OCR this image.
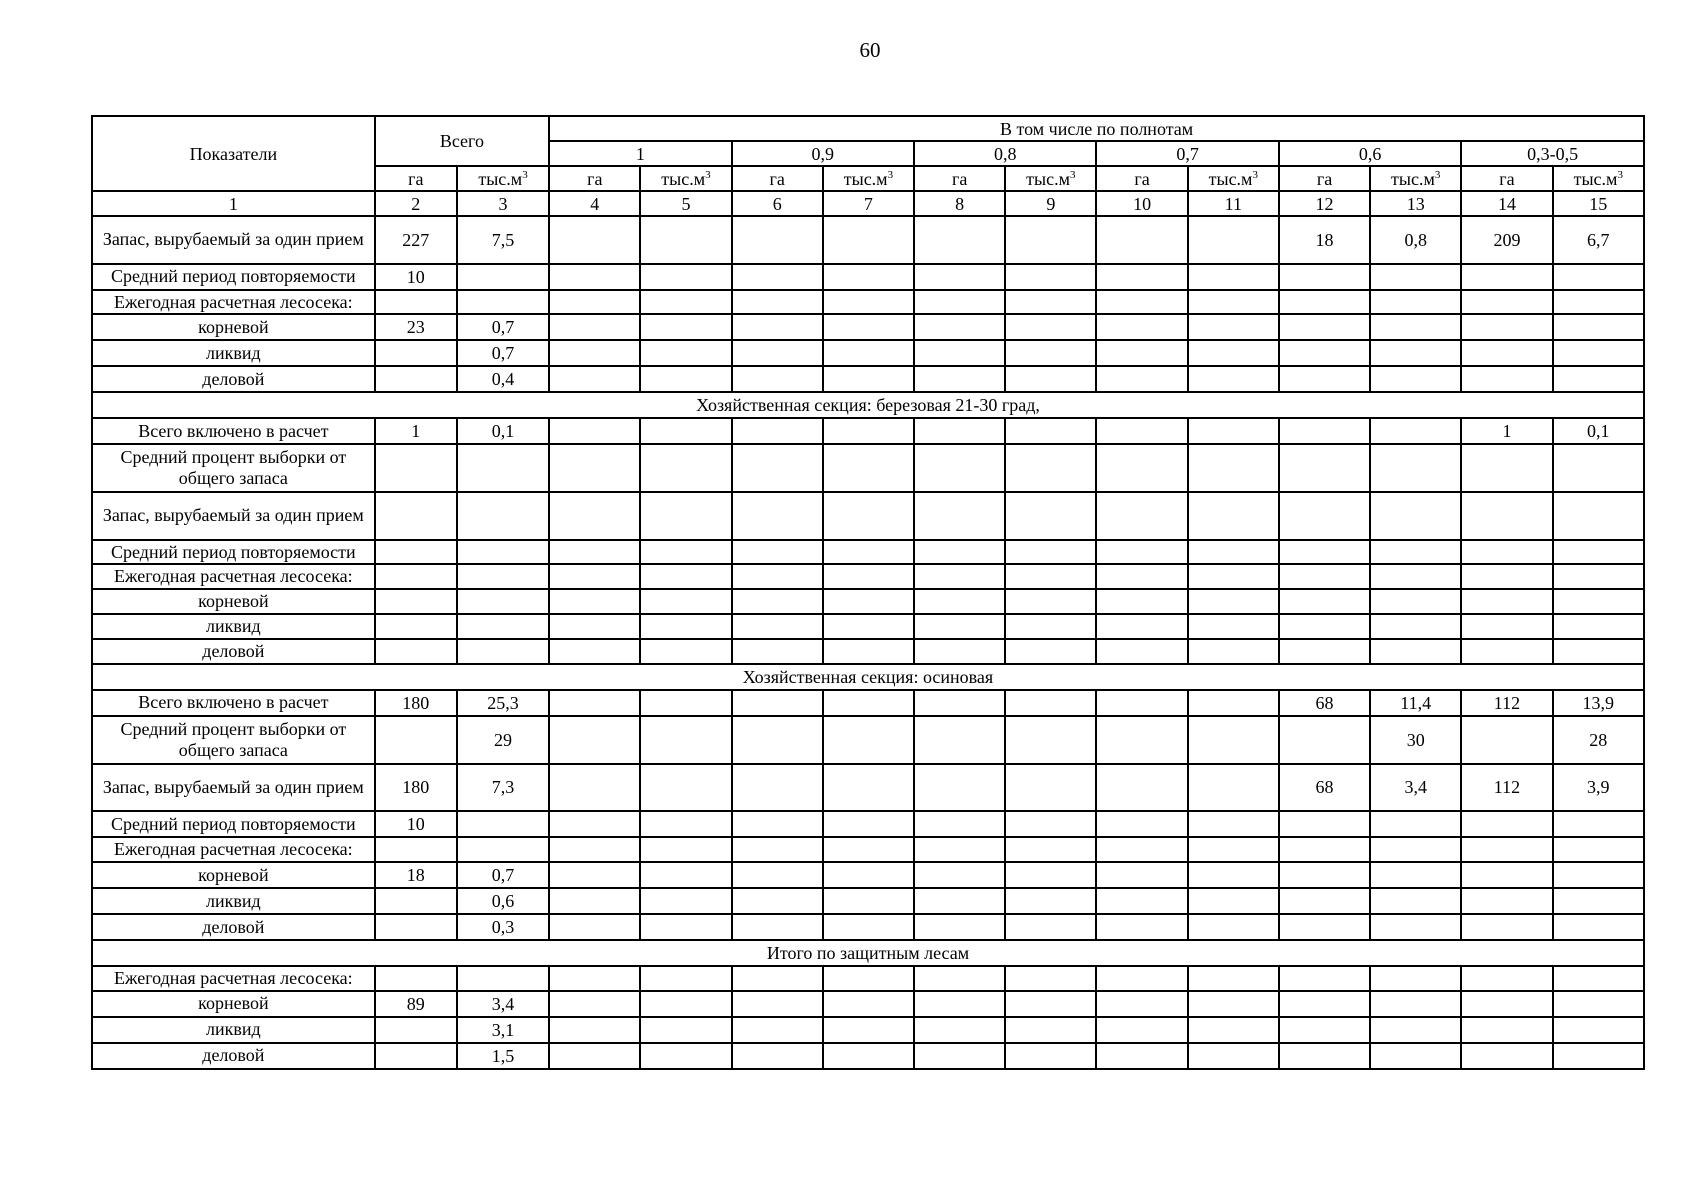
60
Показатели	Всего		В том числе по полнотам											
			1		0,9		0,8		0,7		0,6		0,3-0,5	
	га	$тыс.м^3$	га	$тыс.м^3$	га	$тыс.м^3$	га	$тыс.м^3$	га	$тыс.м^3$	га	$тыс.м^3$	га	$тыс.м^3$
1	2	3	4	5	6	7	8	9	10	11	12	13	14	15
Запас, вырубаемый за один прием	227	7,5									18	0,8	209	6,7
Средний период повторяемости	10													
Ежегодная расчетная лесосека:														
корневой	23	0,7												
ликвид		0,7												
деловой		0,4												
Хозяйственная секция: березовая 21-30 град,														
Всего включено в расчет	1	0,1											1	0,1
Средний процент выборки от общего запаса														
Запас, вырубаемый за один прием														
Средний период повторяемости														
Ежегодная расчетная лесосека:														
корневой														
ликвид														
деловой														
Хозяйственная секция: осиновая														
Всего включено в расчет	180	25,3									68	11,4	112	13,9
Средний процент выборки от общего запаса		29										30		28
Запас, вырубаемый за один прием	180	7,3									68	3,4	112	3,9
Средний период повторяемости	10													
Ежегодная расчетная лесосека:														
корневой	18	0,7												
ликвид		0,6												
деловой		0,3												
Итого по защитным лесам														
Ежегодная расчетная лесосека:														
корневой	89	3,4												
ликвид		3,1												
деловой		1,5												
